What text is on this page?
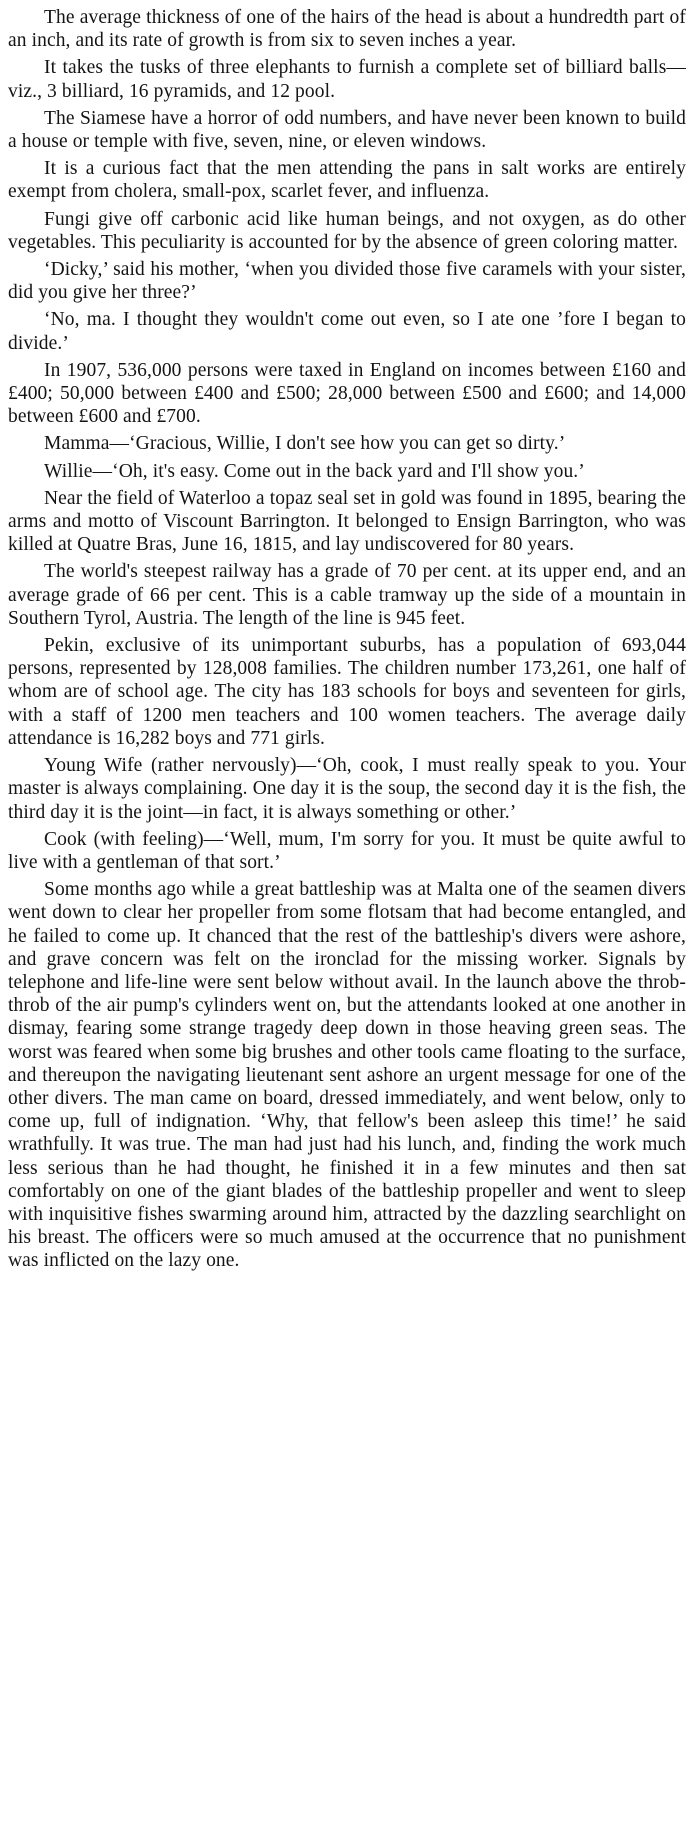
The average thickness of one of the hairs of the head is about a hundredth part of an inch, and its rate of growth is from six to seven inches a year.

It takes the tusks of three elephants to furnish a complete set of billiard balls—viz., 3 billiard, 16 pyramids, and 12 pool.

The Siamese have a horror of odd numbers, and have never been known to build a house or temple with five, seven, nine, or eleven windows.

It is a curious fact that the men attending the pans in salt works are entirely exempt from cholera, small-pox, scarlet fever, and influenza.

Fungi give off carbonic acid like human beings, and not oxygen, as do other vegetables. This peculiarity is accounted for by the absence of green coloring matter.

‘Dicky,’ said his mother, ‘when you divided those five caramels with your sister, did you give her three?’

‘No, ma. I thought they wouldn't come out even, so I ate one ’fore I began to divide.’

In 1907, 536,000 persons were taxed in England on incomes between £160 and £400; 50,000 between £400 and £500; 28,000 between £500 and £600; and 14,000 between £600 and £700.

Mamma—‘Gracious, Willie, I don't see how you can get so dirty.’

Willie—‘Oh, it's easy. Come out in the back yard and I'll show you.’

Near the field of Waterloo a topaz seal set in gold was found in 1895, bearing the arms and motto of Viscount Barrington. It belonged to Ensign Barrington, who was killed at Quatre Bras, June 16, 1815, and lay undiscovered for 80 years.

The world's steepest railway has a grade of 70 per cent. at its upper end, and an average grade of 66 per cent. This is a cable tramway up the side of a mountain in Southern Tyrol, Austria. The length of the line is 945 feet.

Pekin, exclusive of its unimportant suburbs, has a population of 693,044 persons, represented by 128,008 families. The children number 173,261, one half of whom are of school age. The city has 183 schools for boys and seventeen for girls, with a staff of 1200 men teachers and 100 women teachers. The average daily attendance is 16,282 boys and 771 girls.

Young Wife (rather nervously)—‘Oh, cook, I must really speak to you. Your master is always complaining. One day it is the soup, the second day it is the fish, the third day it is the joint—in fact, it is always something or other.’

Cook (with feeling)—‘Well, mum, I'm sorry for you. It must be quite awful to live with a gentleman of that sort.’

Some months ago while a great battleship was at Malta one of the seamen divers went down to clear her propeller from some flotsam that had become entangled, and he failed to come up. It chanced that the rest of the battleship's divers were ashore, and grave concern was felt on the ironclad for the missing worker. Signals by telephone and life-line were sent below without avail. In the launch above the throb-throb of the air pump's cylinders went on, but the attendants looked at one another in dismay, fearing some strange tragedy deep down in those heaving green seas. The worst was feared when some big brushes and other tools came floating to the surface, and thereupon the navigating lieutenant sent ashore an urgent message for one of the other divers. The man came on board, dressed immediately, and went below, only to come up, full of indignation. ‘Why, that fellow's been asleep this time!’ he said wrathfully. It was true. The man had just had his lunch, and, finding the work much less serious than he had thought, he finished it in a few minutes and then sat comfortably on one of the giant blades of the battleship propeller and went to sleep with inquisitive fishes swarming around him, attracted by the dazzling searchlight on his breast. The officers were so much amused at the occurrence that no punishment was inflicted on the lazy one.
